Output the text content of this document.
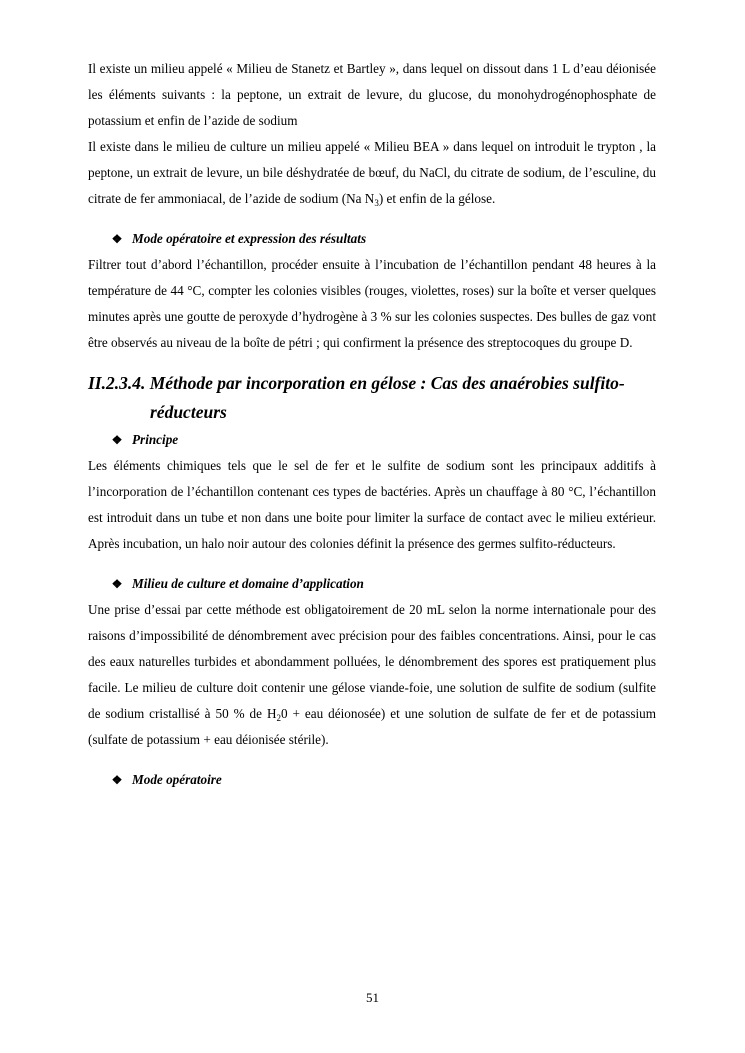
Il existe un milieu appelé « Milieu de Stanetz et Bartley », dans lequel on dissout dans 1 L d’eau déionisée les éléments suivants : la peptone, un extrait de levure, du glucose, du monohydrogénophosphate de potassium et enfin de l’azide de sodium

Il existe dans le milieu de culture un milieu appelé « Milieu BEA » dans lequel on introduit le trypton , la peptone, un extrait de levure, un bile déshydratée de bœuf, du NaCl, du citrate de sodium, de l’esculine, du citrate de fer ammoniacal, de l’azide de sodium (Na $N_3$) et enfin de la gélose.

❖ Mode opératoire et expression des résultats

Filtrer tout d’abord l’échantillon, procéder ensuite à l’incubation de l’échantillon pendant 48 heures à la température de 44 °C, compter les colonies visibles (rouges, violettes, roses) sur la boîte et verser quelques minutes après une goutte de peroxyde d’hydrogène à 3 % sur les colonies suspectes. Des bulles de gaz vont être observés au niveau de la boîte de pétri ; qui confirment la présence des streptocoques du groupe D.

II.2.3.4. Méthode par incorporation en gélose : Cas des anaérobies sulfito-
réducteurs

❖ Principe

Les éléments chimiques tels que le sel de fer et le sulfite de sodium sont les principaux additifs à l’incorporation de l’échantillon contenant ces types de bactéries. Après un chauffage à 80 °C, l’échantillon est introduit dans un tube et non dans une boite pour limiter la surface de contact avec le milieu extérieur. Après incubation, un halo noir autour des colonies définit la présence des germes sulfito-réducteurs.

❖ Milieu de culture et domaine d’application

Une prise d’essai par cette méthode est obligatoirement de 20 mL selon la norme internationale pour des raisons d’impossibilité de dénombrement avec précision pour des faibles concentrations. Ainsi, pour le cas des eaux naturelles turbides et abondamment polluées, le dénombrement des spores est pratiquement plus facile. Le milieu de culture doit contenir une gélose viande-foie, une solution de sulfite de sodium (sulfite de sodium cristallisé à 50 % de $H_20$ + eau déionosée) et une solution de sulfate de fer et de potassium (sulfate de potassium + eau déionisée stérile).

❖ Mode opératoire

51
